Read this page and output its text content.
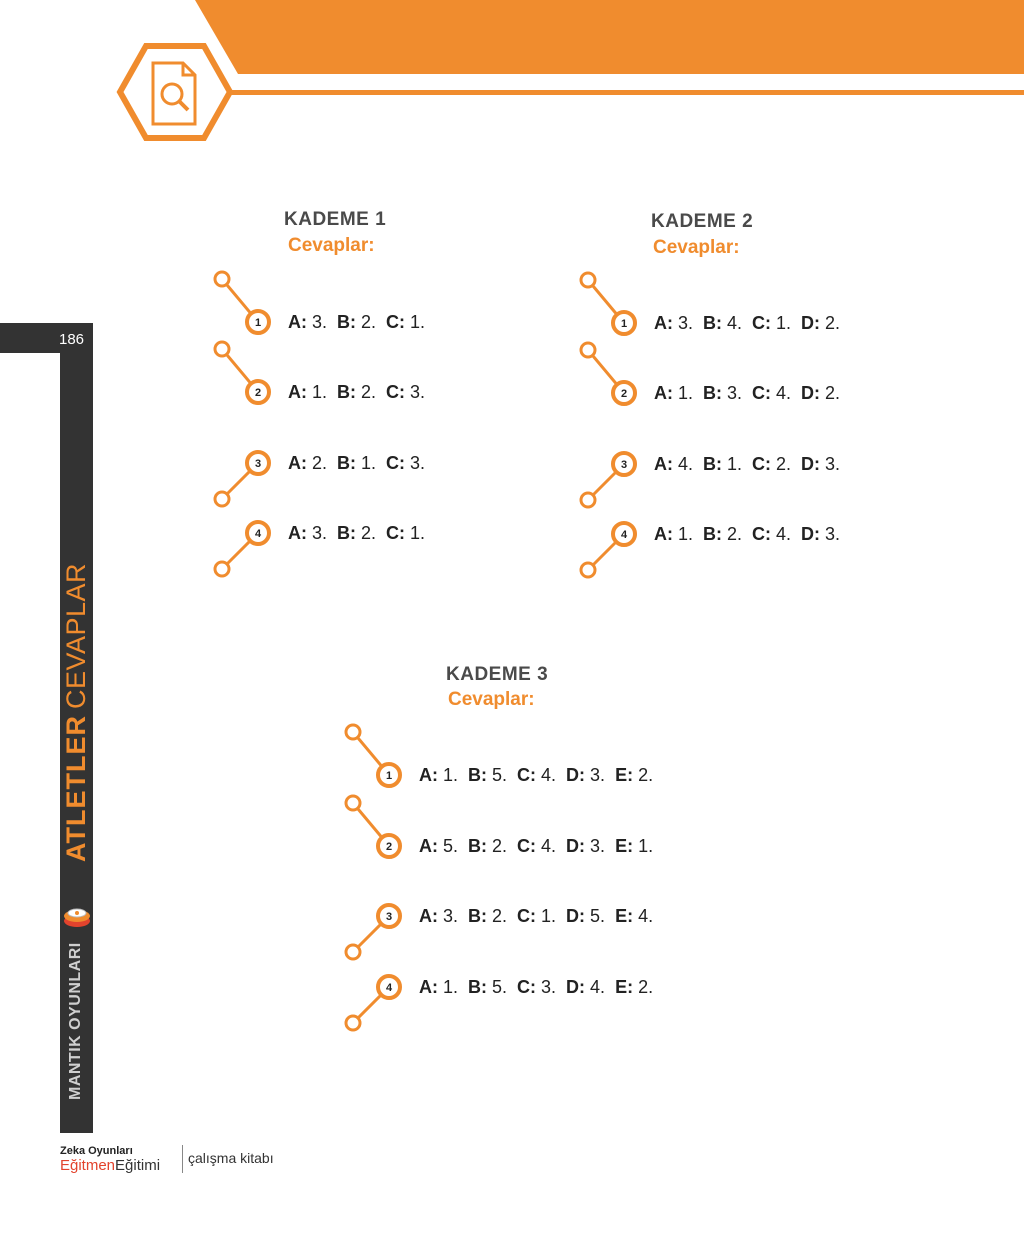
186
ATLETLERCEVAPLAR
MANTIK OYUNLARI
KADEME 1
Cevaplar:
KADEME 2
Cevaplar:
KADEME 3
Cevaplar:
1 A: 3.  B: 2.  C: 1.
2 A: 1.  B: 2.  C: 3.
3 A: 2.  B: 1.  C: 3.
4 A: 3.  B: 2.  C: 1.
1 A: 3.  B: 4.  C: 1.  D: 2.
2 A: 1.  B: 3.  C: 4.  D: 2.
3 A: 4.  B: 1.  C: 2.  D: 3.
4 A: 1.  B: 2.  C: 4.  D: 3.
1 A: 1.  B: 5.  C: 4.  D: 3.  E: 2.
2 A: 5.  B: 2.  C: 4.  D: 3.  E: 1.
3 A: 3.  B: 2.  C: 1.  D: 5.  E: 4.
4 A: 1.  B: 5.  C: 3.  D: 4.  E: 2.
Zeka Oyunları
EğitmenEğitimi çalışma kitabı
